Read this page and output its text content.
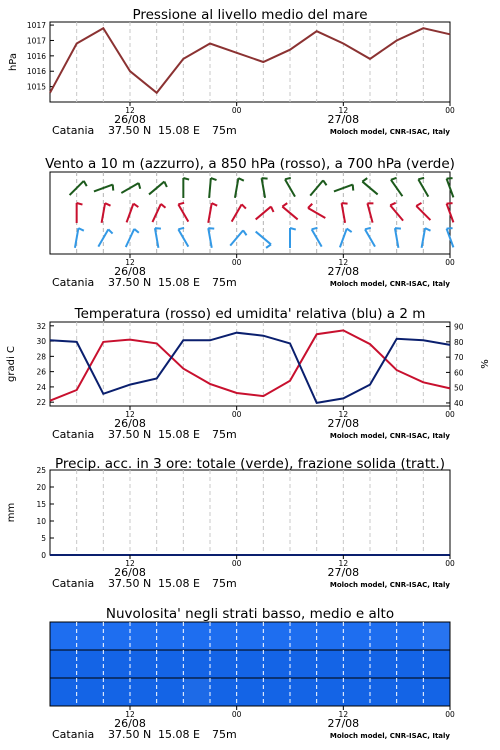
Pressione al livello medio del mare
hPa
1015
1016
1016
1017
1017
12
26/08
00	12
27/08
00
Catania 37.50 N 15.08 E 75m	Moloch model, CNR-ISAC, Italy
Vento a 10 m (azzurro), a 850 hPa (rosso), a 700 hPa (verde)
12
26/08
00	12
27/08
00
Catania 37.50 N 15.08 E 75m	Moloch model, CNR-ISAC, Italy
Temperatura (rosso) ed umidita' relativa (blu) a 2 m
gradi C	%
22
24
26
28
30
32
40
50
60
70
80
90
12
26/08
00	12
27/08
00
Catania 37.50 N 15.08 E 75m	Moloch model, CNR-ISAC, Italy
Precip. acc. in 3 ore: totale (verde), frazione solida (tratt.)
mm
0
5
10
15
20
25
12
26/08
00	12
27/08
00
Catania 37.50 N 15.08 E 75m	Moloch model, CNR-ISAC, Italy
Nuvolosita' negli strati basso, medio e alto
12
26/08
00	12
27/08
00
Catania 37.50 N 15.08 E 75m	Moloch model, CNR-ISAC, Italy
